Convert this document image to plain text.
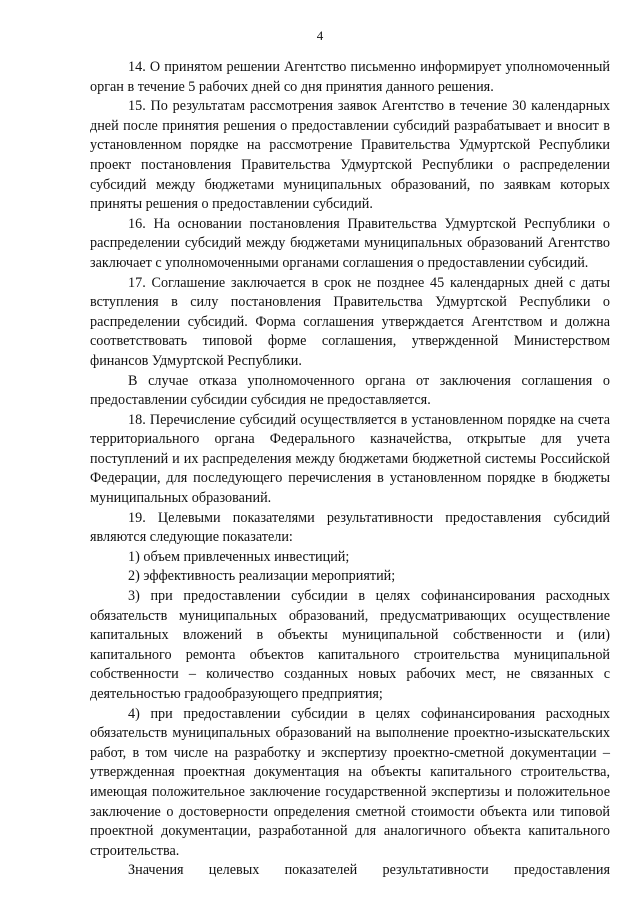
4

14. О принятом решении Агентство письменно информирует уполномоченный орган в течение 5 рабочих дней со дня принятия данного решения.

15. По результатам рассмотрения заявок Агентство в течение 30 календарных дней после принятия решения о предоставлении субсидий разрабатывает и вносит в установленном порядке на рассмотрение Правительства Удмуртской Республики проект постановления Правительства Удмуртской Республики о распределении субсидий между бюджетами муниципальных образований, по заявкам которых приняты решения о предоставлении субсидий.

16. На основании постановления Правительства Удмуртской Республики о распределении субсидий между бюджетами муниципальных образований Агентство заключает с уполномоченными органами соглашения о предоставлении субсидий.

17. Соглашение заключается в срок не позднее 45 календарных дней с даты вступления в силу постановления Правительства Удмуртской Республики о распределении субсидий. Форма соглашения утверждается Агентством и должна соответствовать типовой форме соглашения, утвержденной Министерством финансов Удмуртской Республики.

В случае отказа уполномоченного органа от заключения соглашения о предоставлении субсидии субсидия не предоставляется.

18. Перечисление субсидий осуществляется в установленном порядке на счета территориального органа Федерального казначейства, открытые для учета поступлений и их распределения между бюджетами бюджетной системы Российской Федерации, для последующего перечисления в установленном порядке в бюджеты муниципальных образований.

19. Целевыми показателями результативности предоставления субсидий являются следующие показатели:

1) объем привлеченных инвестиций;

2) эффективность реализации мероприятий;

3) при предоставлении субсидии в целях софинансирования расходных обязательств муниципальных образований, предусматривающих осуществление капитальных вложений в объекты муниципальной собственности и (или) капитального ремонта объектов капитального строительства муниципальной собственности – количество созданных новых рабочих мест, не связанных с деятельностью градообразующего предприятия;

4) при предоставлении субсидии в целях софинансирования расходных обязательств муниципальных образований на выполнение проектно-изыскательских работ, в том числе на разработку и экспертизу проектно-сметной документации – утвержденная проектная документация на объекты капитального строительства, имеющая положительное заключение государственной экспертизы и положительное заключение о достоверности определения сметной стоимости объекта или типовой проектной документации, разработанной для аналогичного объекта капитального строительства.

Значения целевых показателей результативности предоставления
